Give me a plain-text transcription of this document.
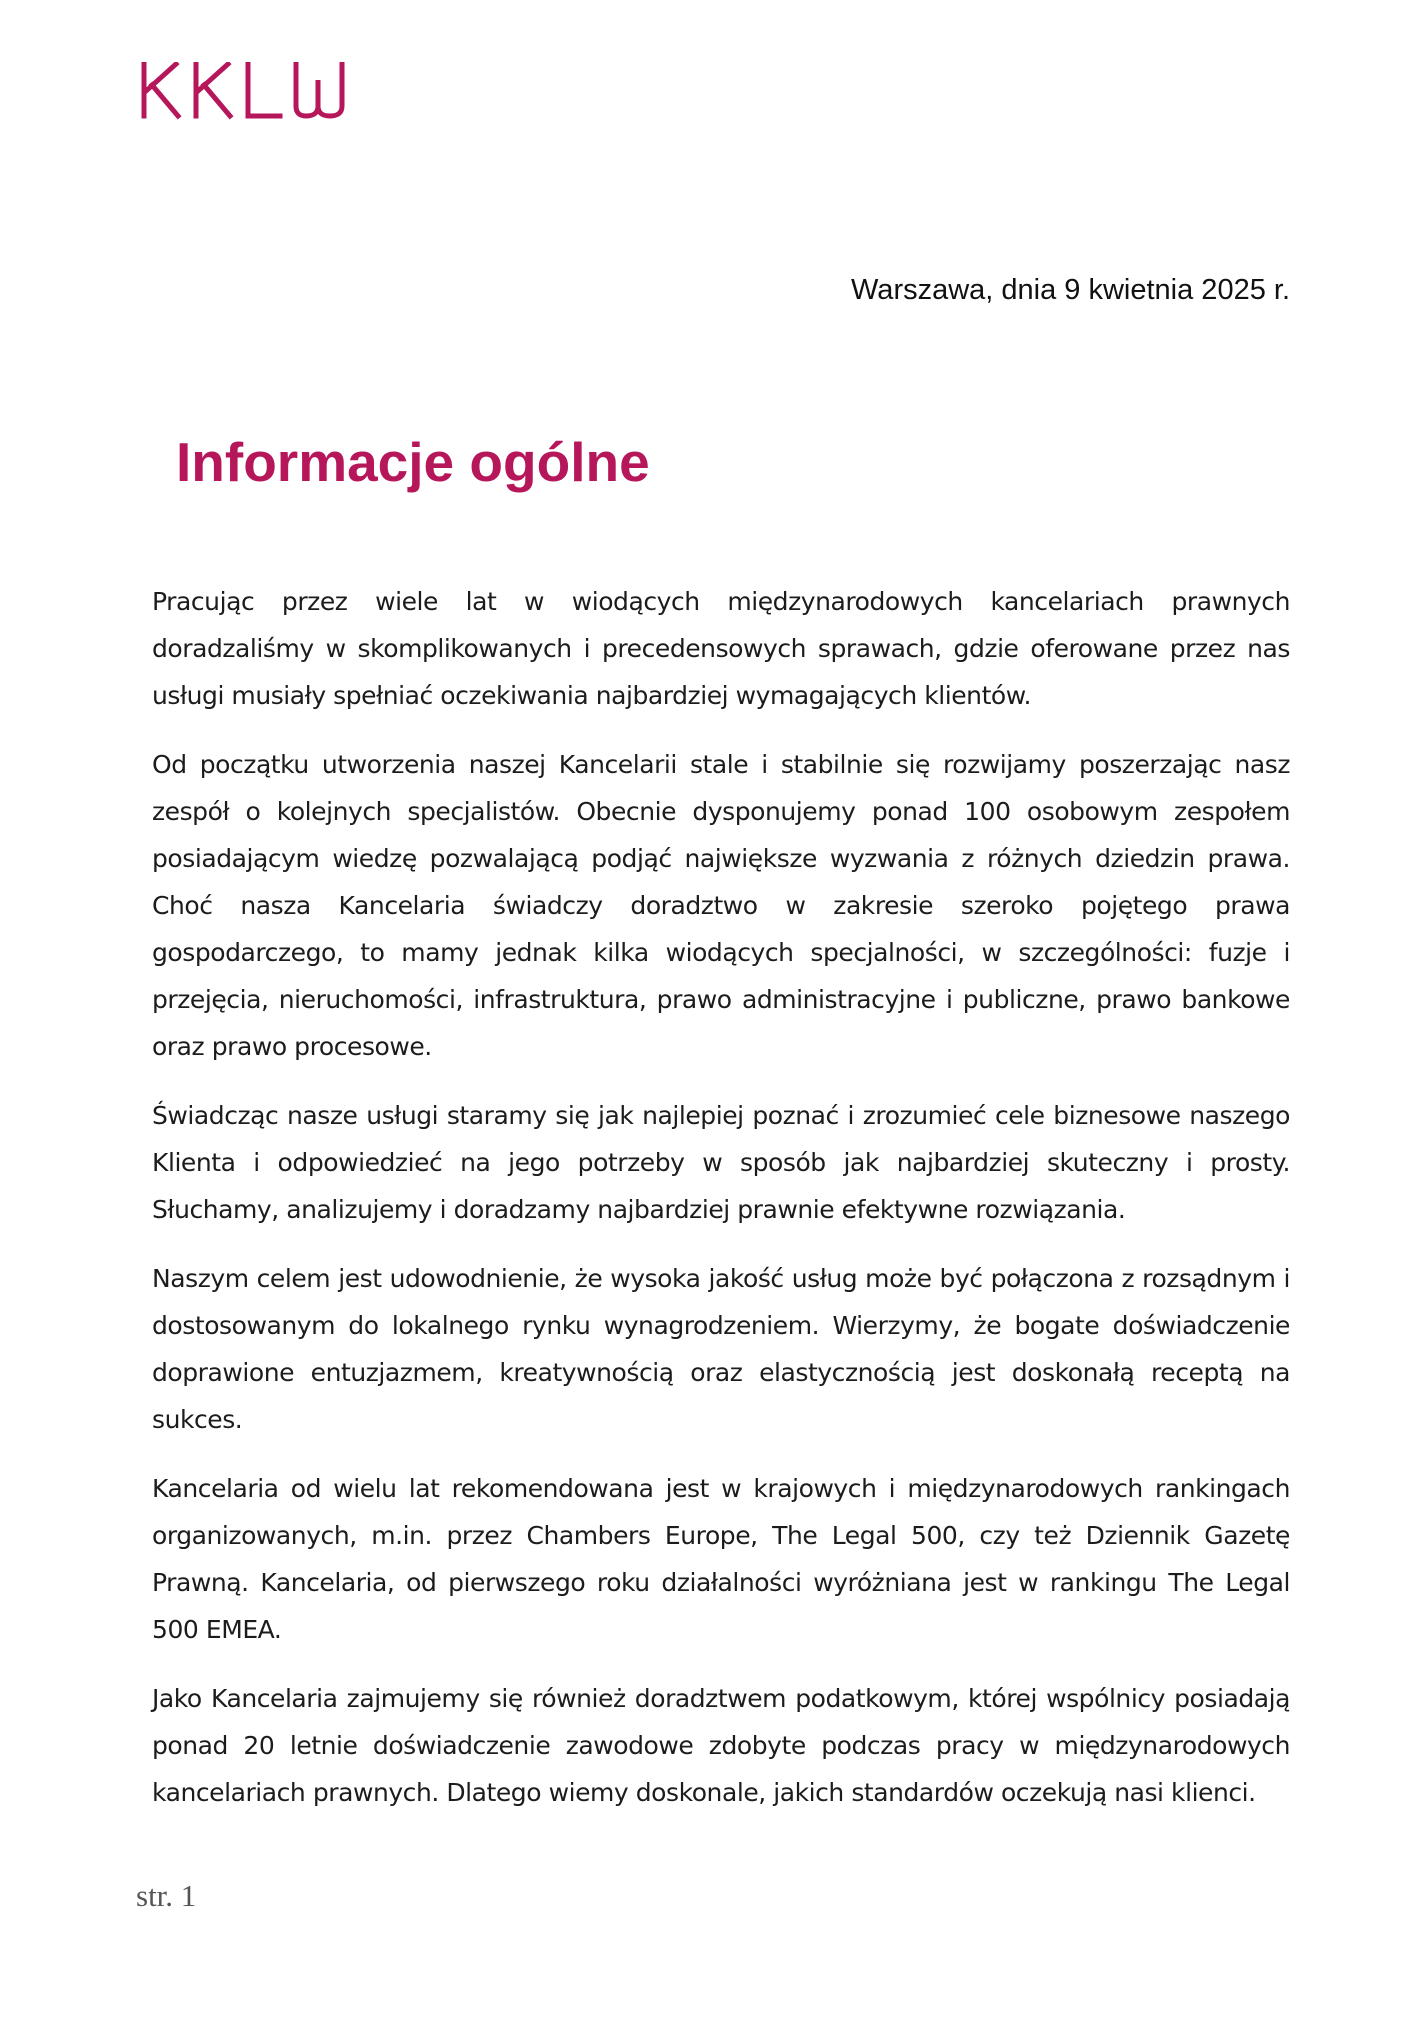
Warszawa, dnia 9 kwietnia 2025 r.
Informacje ogólne

Pracując przez wiele lat w wiodących międzynarodowych kancelariach prawnych doradzaliśmy w skomplikowanych i precedensowych sprawach, gdzie oferowane przez nas usługi musiały spełniać oczekiwania najbardziej wymagających klientów.

Od początku utworzenia naszej Kancelarii stale i stabilnie się rozwijamy poszerzając nasz zespół o kolejnych specjalistów. Obecnie dysponujemy ponad 100 osobowym zespołem posiadającym wiedzę pozwalającą podjąć największe wyzwania z różnych dziedzin prawa. Choć nasza Kancelaria świadczy doradztwo w zakresie szeroko pojętego prawa gospodarczego, to mamy jednak kilka wiodących specjalności, w szczególności: fuzje i przejęcia, nieruchomości, infrastruktura, prawo administracyjne i publiczne, prawo bankowe oraz prawo procesowe.

Świadcząc nasze usługi staramy się jak najlepiej poznać i zrozumieć cele biznesowe naszego Klienta i odpowiedzieć na jego potrzeby w sposób jak najbardziej skuteczny i prosty. Słuchamy, analizujemy i doradzamy najbardziej prawnie efektywne rozwiązania.

Naszym celem jest udowodnienie, że wysoka jakość usług może być połączona z rozsądnym i dostosowanym do lokalnego rynku wynagrodzeniem. Wierzymy, że bogate doświadczenie doprawione entuzjazmem, kreatywnością oraz elastycznością jest doskonałą receptą na sukces.

Kancelaria od wielu lat rekomendowana jest w krajowych i międzynarodowych rankingach organizowanych, m.in. przez Chambers Europe, The Legal 500, czy też Dziennik Gazetę Prawną. Kancelaria, od pierwszego roku działalności wyróżniana jest w rankingu The Legal 500 EMEA.

Jako Kancelaria zajmujemy się również doradztwem podatkowym, której wspólnicy posiadają ponad 20 letnie doświadczenie zawodowe zdobyte podczas pracy w międzynarodowych kancelariach prawnych. Dlatego wiemy doskonale, jakich standardów oczekują nasi klienci.

str. 1
